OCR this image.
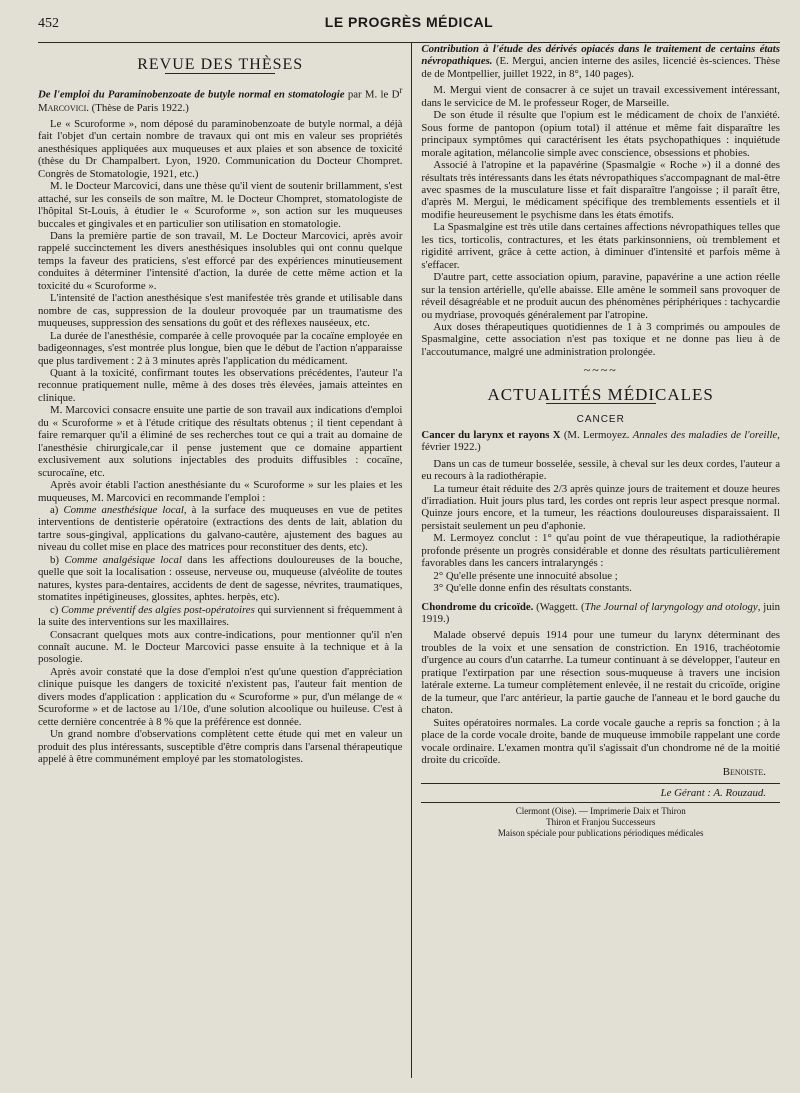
452	LE PROGRÈS MÉDICAL
REVUE DES THÈSES

De l'emploi du Paraminobenzoate de butyle normal en stomatologie par M. le $D^r$ Marcovici. (Thèse de Paris 1922.)

Le « Scuroforme », nom déposé du paraminobenzoate de butyle normal, a déjà fait l'objet d'un certain nombre de travaux qui ont mis en valeur ses propriétés anesthésiques appliquées aux muqueuses et aux plaies et son absence de toxicité (thèse du Dr Champalbert. Lyon, 1920. Communication du Docteur Chompret. Congrès de Stomatologie, 1921, etc.)

M. le Docteur Marcovici, dans une thèse qu'il vient de soutenir brillamment, s'est attaché, sur les conseils de son maître, M. le Docteur Chompret, stomatologiste de l'hôpital St-Louis, à étudier le « Scuroforme », son action sur les muqueuses buccales et gingivales et en particulier son utilisation en stomatologie.

Dans la première partie de son travail, M. Le Docteur Marcovici, après avoir rappelé succinctement les divers anesthésiques insolubles qui ont connu quelque temps la faveur des praticiens, s'est efforcé par des expériences minutieusement conduites à déterminer l'intensité d'action, la durée de cette même action et la toxicité du « Scuroforme ».

L'intensité de l'action anesthésique s'est manifestée très grande et utilisable dans nombre de cas, suppression de la douleur provoquée par un traumatisme des muqueuses, suppression des sensations du goût et des réflexes nauséeux, etc.

La durée de l'anesthésie, comparée à celle provoquée par la cocaïne employée en badigeonnages, s'est montrée plus longue, bien que le début de l'action n'apparaisse que plus tardivement : 2 à 3 minutes après l'application du médicament.

Quant à la toxicité, confirmant toutes les observations précédentes, l'auteur l'a reconnue pratiquement nulle, même à des doses très élevées, jamais atteintes en clinique.

M. Marcovici consacre ensuite une partie de son travail aux indications d'emploi du « Scuroforme » et à l'étude critique des résultats obtenus ; il tient cependant à faire remarquer qu'il a éliminé de ses recherches tout ce qui a trait au domaine de l'anesthésie chirurgicale,car il pense justement que ce domaine appartient exclusivement aux solutions injectables des produits diffusibles : cocaïne, scurocaïne, etc.

Après avoir établi l'action anesthésiante du « Scuroforme » sur les plaies et les muqueuses, M. Marcovici en recommande l'emploi :

a) Comme anesthésique local, à la surface des muqueuses en vue de petites interventions de dentisterie opératoire (extractions des dents de lait, ablation du tartre sous-gingival, applications du galvano-cautère, ajustement des bagues au niveau du collet mise en place des matrices pour reconstituer des dents, etc).

b) Comme analgésique local dans les affections douloureuses de la bouche, quelle que soit la localisation : osseuse, nerveuse ou, muqueuse (alvéolite de toutes natures, kystes para-dentaires, accidents de dent de sagesse, névrites, traumatiques, stomatites inpétigineuses, glossites, aphtes. herpès, etc).

c) Comme préventif des algies post-opératoires qui surviennent si fréquemment à la suite des interventions sur les maxillaires.

Consacrant quelques mots aux contre-indications, pour mentionner qu'il n'en connaît aucune. M. le Docteur Marcovici passe ensuite à la technique et à la posologie.

Après avoir constaté que la dose d'emploi n'est qu'une question d'appréciation clinique puisque les dangers de toxicité n'existent pas, l'auteur fait mention de divers modes d'application : application du « Scuroforme » pur, d'un mélange de « Scuroforme » et de lactose au 1/10e, d'une solution alcoolique ou huileuse. C'est à cette dernière concentrée à 8 % que la préférence est donnée.

Un grand nombre d'observations complètent cette étude qui met en valeur un produit des plus intéressants, susceptible d'être compris dans l'arsenal thérapeutique appelé à être communément employé par les stomatologistes.

Contribution à l'étude des dérivés opiacés dans le traitement de certains états névropathiques. (E. Mergui, ancien interne des asiles, licencié ès-sciences. Thèse de de Montpellier, juillet 1922, in 8°, 140 pages).

M. Mergui vient de consacrer à ce sujet un travail excessivement intéressant, dans le servicice de M. le professeur Roger, de Marseille.

De son étude il résulte que l'opium est le médicament de choix de l'anxiété. Sous forme de pantopon (opium total) il atténue et même fait disparaître les principaux symptômes qui caractérisent les états psychopathiques : inquiétude morale agitation, mélancolie simple avec conscience, obsessions et phobies.

Associé à l'atropine et la papavérine (Spasmalgie « Roche ») il a donné des résultats très intéressants dans les états névropathiques s'accompagnant de mal-être avec spasmes de la musculature lisse et fait disparaître l'angoisse ; il paraît être, d'après M. Mergui, le médicament spécifique des tremblements essentiels et il modifie heureusement le psychisme dans les états émotifs.

La Spasmalgine est très utile dans certaines affections névropathiques telles que les tics, torticolis, contractures, et les états parkinsonniens, où tremblement et rigidité arrivent, grâce à cette action, à diminuer d'intensité et parfois même à s'effacer.

D'autre part, cette association opium, paravine, papavérine a une action réelle sur la tension artérielle, qu'elle abaisse. Elle amène le sommeil sans provoquer de réveil désagréable et ne produit aucun des phénomènes périphériques : tachycardie ou mydriase, provoqués généralement par l'atropine.

Aux doses thérapeutiques quotidiennes de 1 à 3 comprimés ou ampoules de Spasmalgine, cette association n'est pas toxique et ne donne pas lieu à de l'accoutumance, malgré une administration prolongée.

~~~~
ACTUALITÉS MÉDICALES
CANCER

Cancer du larynx et rayons X (M. Lermoyez. Annales des maladies de l'oreille, février 1922.)

Dans un cas de tumeur bosselée, sessile, à cheval sur les deux cordes, l'auteur a eu recours à la radiothérapie.

La tumeur était réduite des 2/3 après quinze jours de traitement et douze heures d'irradiation. Huit jours plus tard, les cordes ont repris leur aspect presque normal. Quinze jours encore, et la tumeur, les réactions douloureuses disparaissaient. Il persistait seulement un peu d'aphonie.

M. Lermoyez conclut : 1° qu'au point de vue thérapeutique, la radiothérapie profonde présente un progrès considérable et donne des résultats particulièrement favorables dans les cancers intralaryngés :

2° Qu'elle présente une innocuité absolue ;

3° Qu'elle donne enfin des résultats constants.

Chondrome du cricoïde. (Waggett. (The Journal of laryngology and otology, juin 1919.)

Malade observé depuis 1914 pour une tumeur du larynx déterminant des troubles de la voix et une sensation de constriction. En 1916, trachéotomie d'urgence au cours d'un catarrhe. La tumeur continuant à se développer, l'auteur en pratique l'extirpation par une résection sous-muqueuse à travers une incision latérale externe. La tumeur complètement enlevée, il ne restait du cricoïde, origine de la tumeur, que l'arc antérieur, la partie gauche de l'anneau et le bord gauche du chaton.

Suites opératoires normales. La corde vocale gauche a repris sa fonction ; à la place de la corde vocale droite, bande de muqueuse immobile rappelant une corde vocale ordinaire. L'examen montra qu'il s'agissait d'un chondrome né de la moitié droite du cricoïde.

Benoiste.
Le Gérant : A. Rouzaud.
Clermont (Oise). — Imprimerie Daix et Thiron
Thiron et Franjou Successeurs
Maison spéciale pour publications périodiques médicales
